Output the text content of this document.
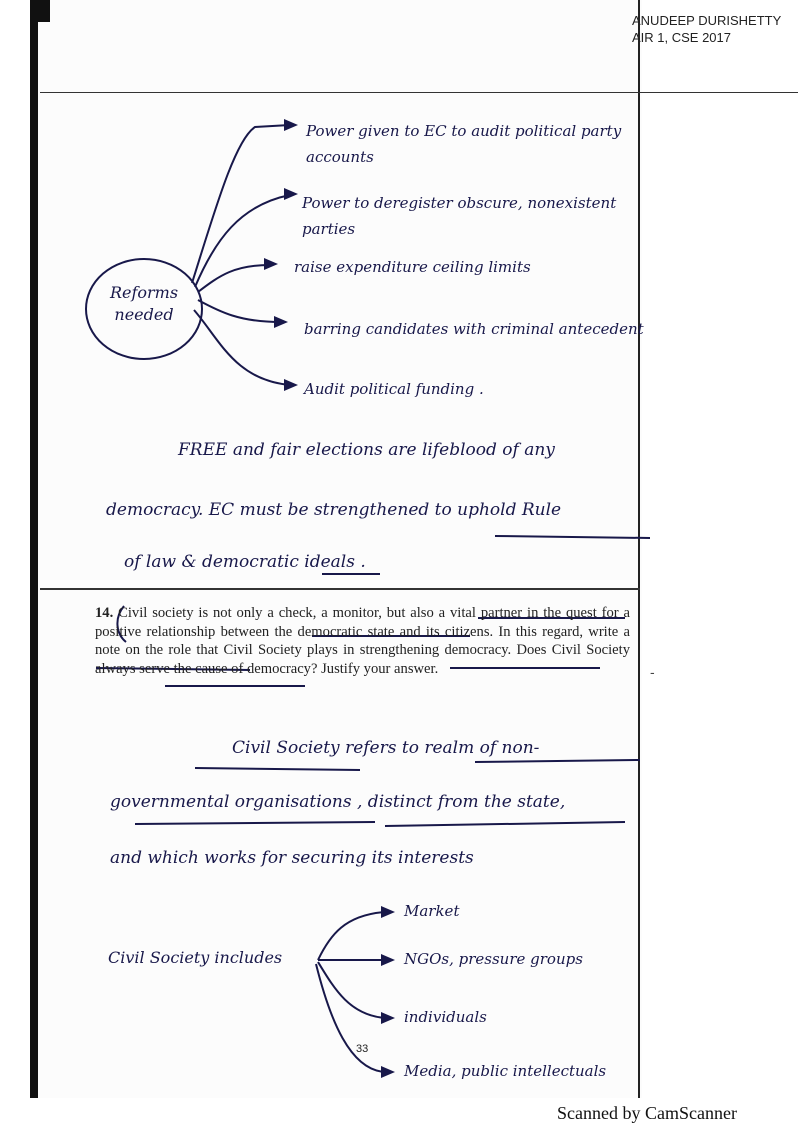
ANUDEEP DURISHETTY
AIR 1, CSE 2017
Reforms needed
Power given to EC to audit political party accounts
Power to deregister obscure, nonexistent parties
raise expenditure ceiling limits
barring candidates with criminal antecedent
Audit political funding .
FREE and fair elections are lifeblood of any
democracy. EC must be strengthened to uphold Rule
of law & democratic ideals .
14. Civil society is not only a check, a monitor, but also a vital partner in the quest for a positive relationship between the democratic state and its citizens. In this regard, write a note on the role that Civil Society plays in strengthening democracy. Does Civil Society always serve the cause of democracy? Justify your answer.	-
Civil Society refers to realm of non-
governmental organisations , distinct from the state,
and which works for securing its interests
Civil Society includes
Market
NGOs, pressure groups
individuals
Media, public intellectuals
33
Scanned by CamScanner
